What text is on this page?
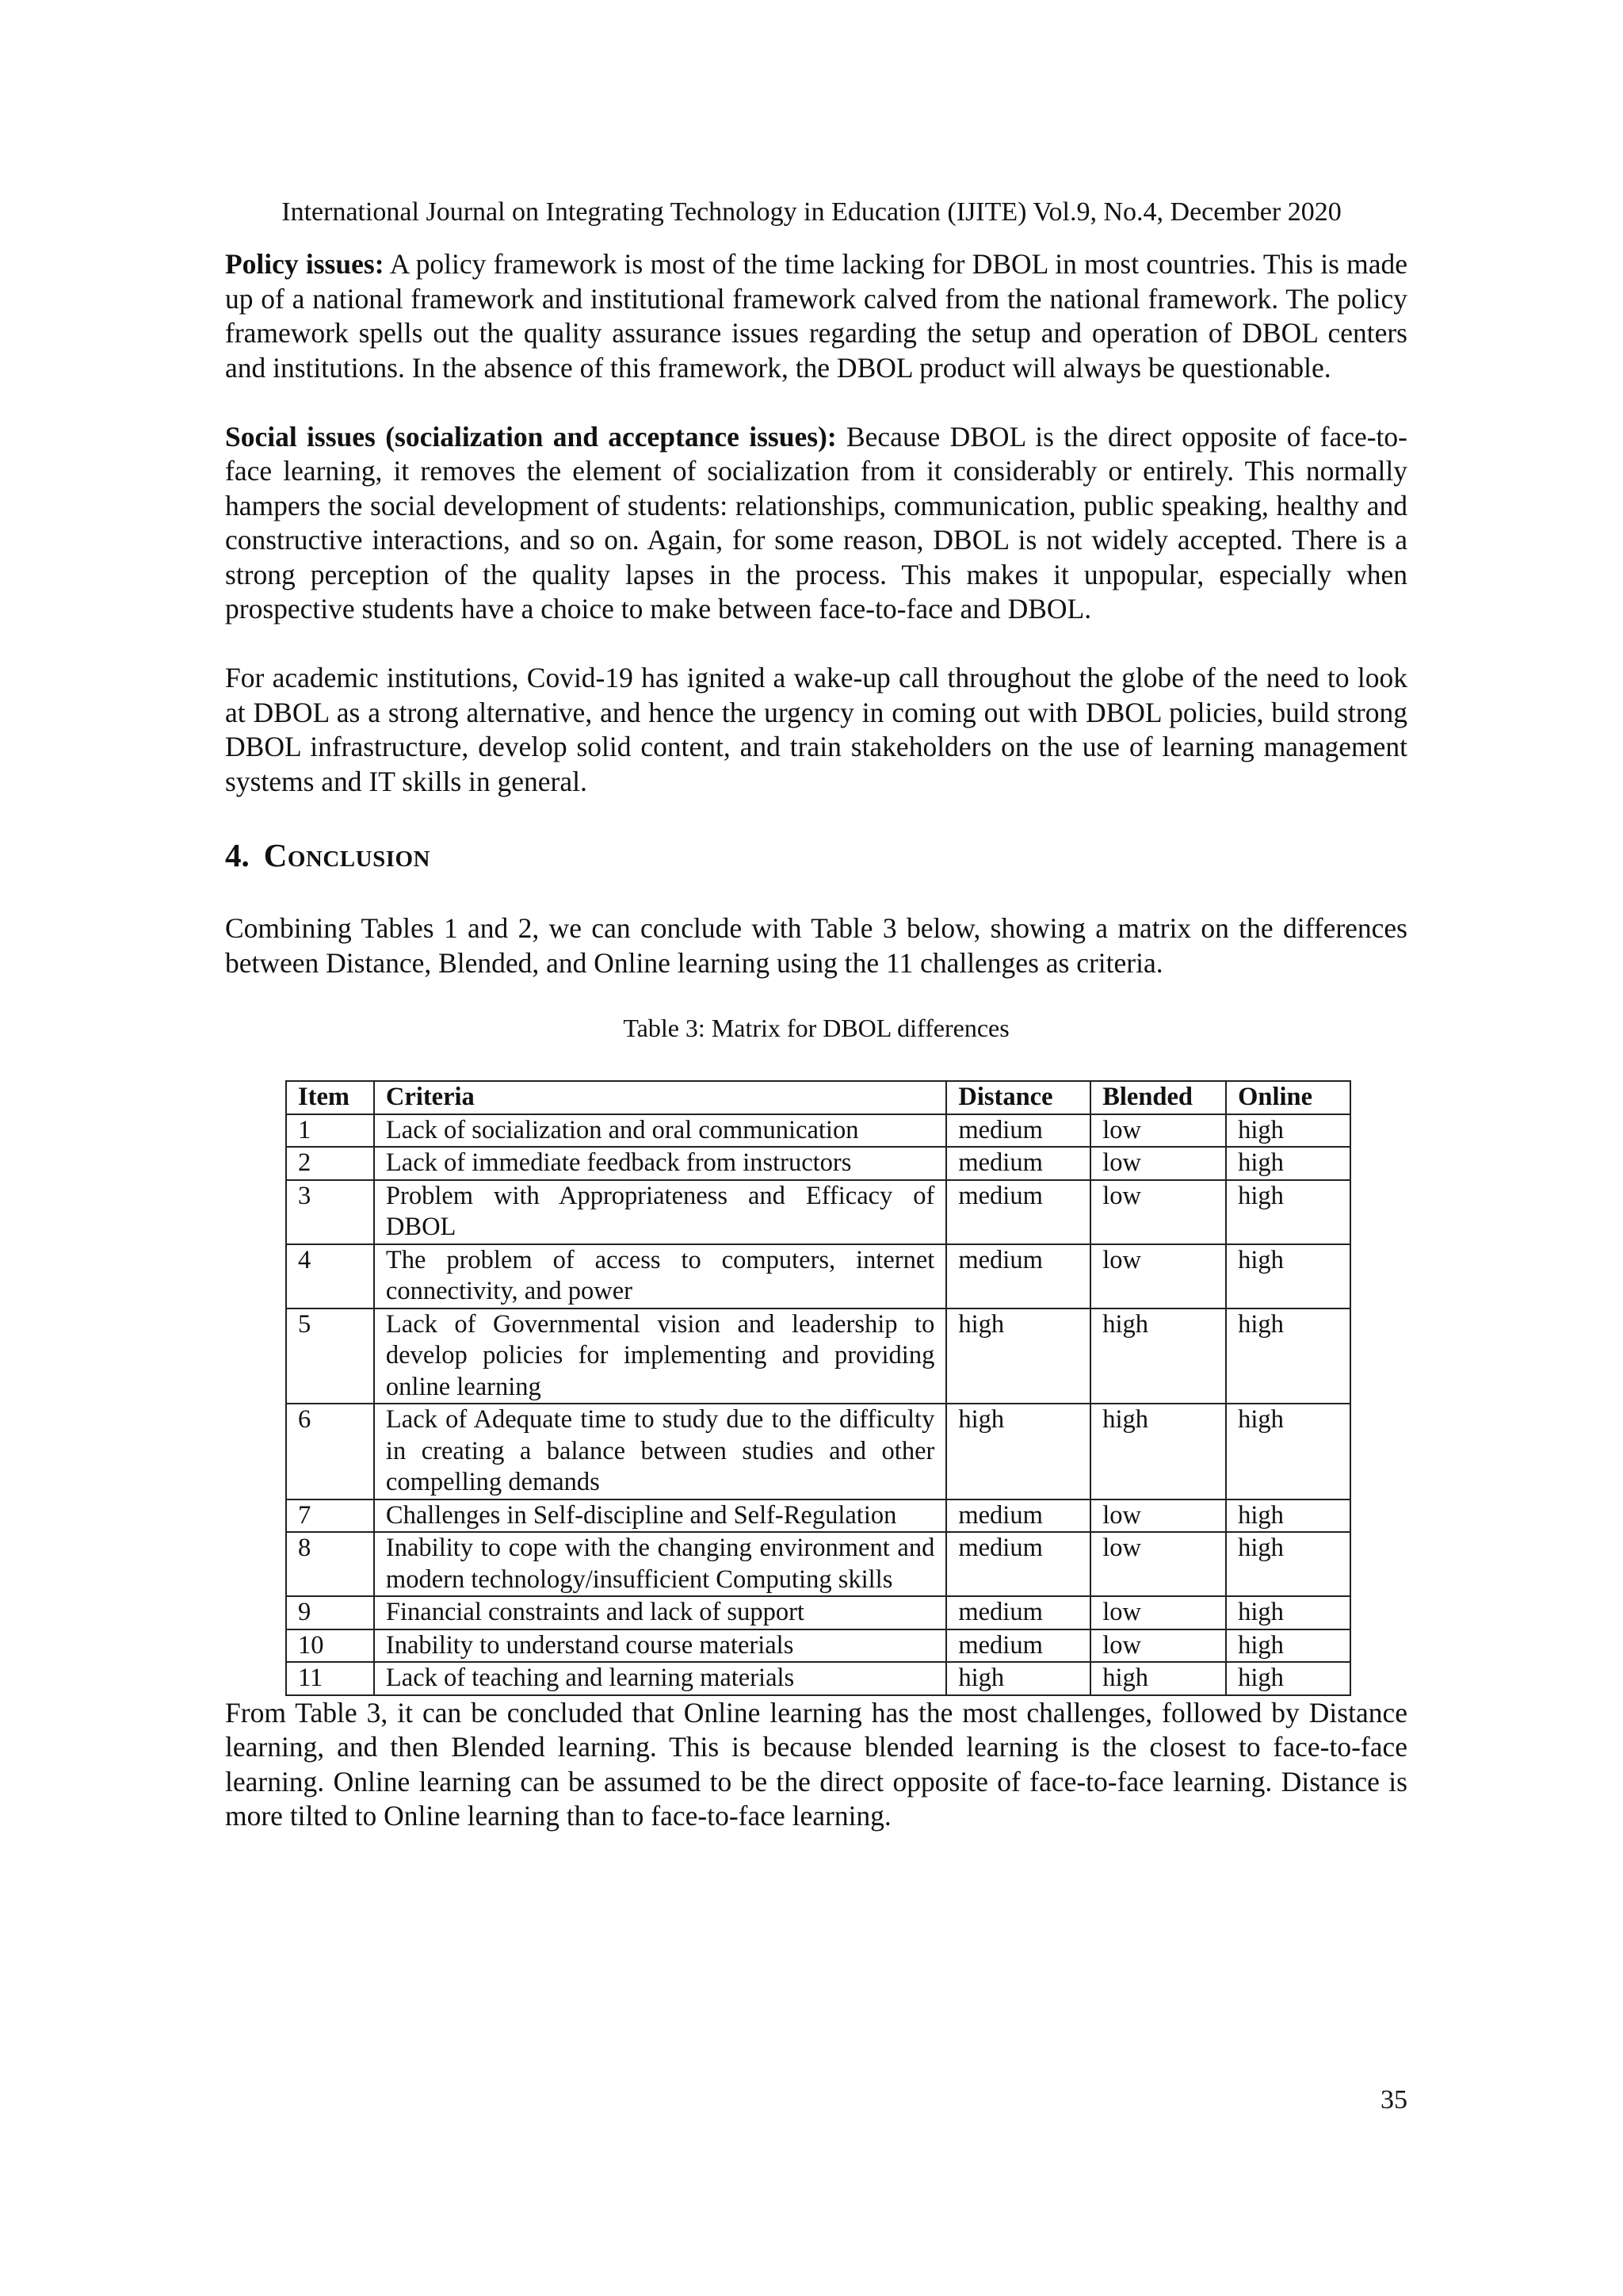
International Journal on Integrating Technology in Education (IJITE) Vol.9, No.4, December 2020

Policy issues: A policy framework is most of the time lacking for DBOL in most countries. This is made up of a national framework and institutional framework calved from the national framework. The policy framework spells out the quality assurance issues regarding the setup and operation of DBOL centers and institutions. In the absence of this framework, the DBOL product will always be questionable.

Social issues (socialization and acceptance issues): Because DBOL is the direct opposite of face-to-face learning, it removes the element of socialization from it considerably or entirely. This normally hampers the social development of students: relationships, communication, public speaking, healthy and constructive interactions, and so on. Again, for some reason, DBOL is not widely accepted. There is a strong perception of the quality lapses in the process. This makes it unpopular, especially when prospective students have a choice to make between face-to-face and DBOL.

For academic institutions, Covid-19 has ignited a wake-up call throughout the globe of the need to look at DBOL as a strong alternative, and hence the urgency in coming out with DBOL policies, build strong DBOL infrastructure, develop solid content, and train stakeholders on the use of learning management systems and IT skills in general.

4. Conclusion

Combining Tables 1 and 2, we can conclude with Table 3 below, showing a matrix on the differences between Distance, Blended, and Online learning using the 11 challenges as criteria.

Table 3: Matrix for DBOL differences
Item	Criteria	Distance	Blended	Online
1	Lack of socialization and oral communication	medium	low	high
2	Lack of immediate feedback from instructors	medium	low	high
3	Problem with Appropriateness and Efficacy of DBOL	medium	low	high
4	The problem of access to computers, internet connectivity, and power	medium	low	high
5	Lack of Governmental vision and leadership to develop policies for implementing and providing online learning	high	high	high
6	Lack of Adequate time to study due to the difficulty in creating a balance between studies and other compelling demands	high	high	high
7	Challenges in Self-discipline and Self-Regulation	medium	low	high
8	Inability to cope with the changing environment and modern technology/insufficient Computing skills	medium	low	high
9	Financial constraints and lack of support	medium	low	high
10	Inability to understand course materials	medium	low	high
11	Lack of teaching and learning materials	high	high	high

From Table 3, it can be concluded that Online learning has the most challenges, followed by Distance learning, and then Blended learning. This is because blended learning is the closest to face-to-face learning. Online learning can be assumed to be the direct opposite of face-to-face learning. Distance is more tilted to Online learning than to face-to-face learning.

35
